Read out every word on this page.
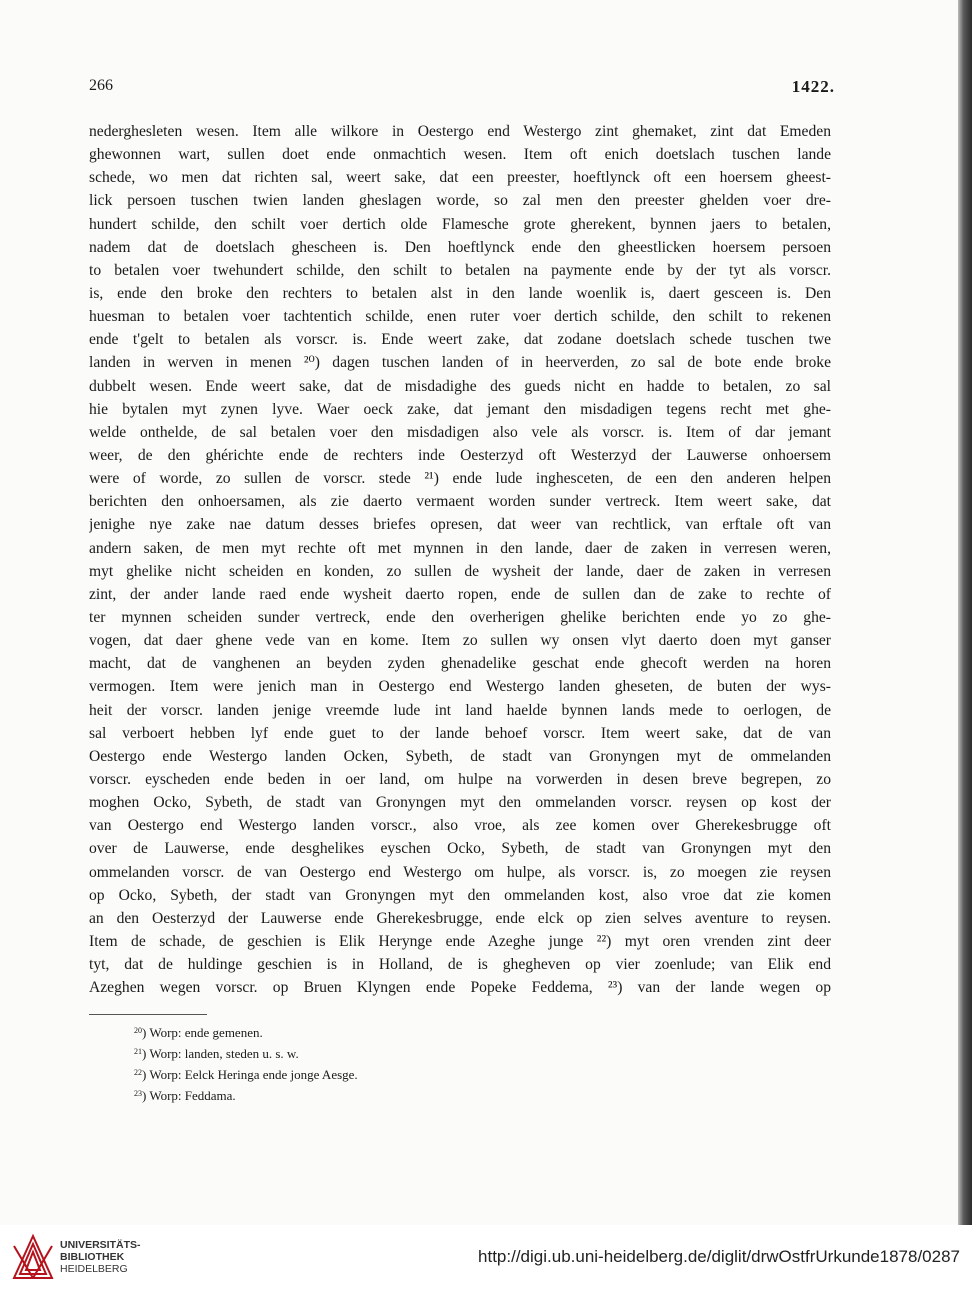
266	1422.
nederghesleten wesen. Item alle wilkore in Oestergo end Westergo zint ghemaket, zint dat Emeden
ghewonnen wart, sullen doet ende onmachtich wesen. Item oft enich doetslach tuschen lande
schede, wo men dat richten sal, weert sake, dat een preester, hoeftlynck oft een hoersem gheest-
lick persoen tuschen twien landen gheslagen worde, so zal men den preester ghelden voer dre-
hundert schilde, den schilt voer dertich olde Flamesche grote gherekent, bynnen jaers to betalen,
nadem dat de doetslach ghescheen is. Den hoeftlynck ende den gheestlicken hoersem persoen
to betalen voer twehundert schilde, den schilt to betalen na paymente ende by der tyt als vorscr.
is, ende den broke den rechters to betalen alst in den lande woenlik is, daert gesceen is. Den
huesman to betalen voer tachtentich schilde, enen ruter voer dertich schilde, den schilt to rekenen
ende t'gelt to betalen als vorscr. is. Ende weert zake, dat zodane doetslach schede tuschen twe
landen in werven in menen ²⁰) dagen tuschen landen of in heerverden, zo sal de bote ende broke
dubbelt wesen. Ende weert sake, dat de misdadighe des gueds nicht en hadde to betalen, zo sal
hie bytalen myt zynen lyve. Waer oeck zake, dat jemant den misdadigen tegens recht met ghe-
welde onthelde, de sal betalen voer den misdadigen also vele als vorscr. is. Item of dar jemant
weer, de den ghérichte ende de rechters inde Oesterzyd oft Westerzyd der Lauwerse onhoersem
were of worde, zo sullen de vorscr. stede ²¹) ende lude inghesceten, de een den anderen helpen
berichten den onhoersamen, als zie daerto vermaent worden sunder vertreck. Item weert sake, dat
jenighe nye zake nae datum desses briefes opresen, dat weer van rechtlick, van erftale oft van
andern saken, de men myt rechte oft met mynnen in den lande, daer de zaken in verresen weren,
myt ghelike nicht scheiden en konden, zo sullen de wysheit der lande, daer de zaken in verresen
zint, der ander lande raed ende wysheit daerto ropen, ende de sullen dan de zake to rechte of
ter mynnen scheiden sunder vertreck, ende den overherigen ghelike berichten ende yo zo ghe-
vogen, dat daer ghene vede van en kome. Item zo sullen wy onsen vlyt daerto doen myt ganser
macht, dat de vanghenen an beyden zyden ghenadelike geschat ende ghecoft werden na horen
vermogen. Item were jenich man in Oestergo end Westergo landen gheseten, de buten der wys-
heit der vorscr. landen jenige vreemde lude int land haelde bynnen lands mede to oerlogen, de
sal verboert hebben lyf ende guet to der lande behoef vorscr. Item weert sake, dat de van
Oestergo ende Westergo landen Ocken, Sybeth, de stadt van Gronyngen myt de ommelanden
vorscr. eyscheden ende beden in oer land, om hulpe na vorwerden in desen breve begrepen, zo
moghen Ocko, Sybeth, de stadt van Gronyngen myt den ommelanden vorscr. reysen op kost der
van Oestergo end Westergo landen vorscr., also vroe, als zee komen over Gherekesbrugge oft
over de Lauwerse, ende desghelikes eyschen Ocko, Sybeth, de stadt van Gronyngen myt den
ommelanden vorscr. de van Oestergo end Westergo om hulpe, als vorscr. is, zo moegen zie reysen
op Ocko, Sybeth, der stadt van Gronyngen myt den ommelanden kost, also vroe dat zie komen
an den Oesterzyd der Lauwerse ende Gherekesbrugge, ende elck op zien selves aventure to reysen.
Item de schade, de geschien is Elik Herynge ende Azeghe junge ²²) myt oren vrenden zint deer
tyt, dat de huldinge geschien is in Holland, de is ghegheven op vier zoenlude; van Elik end
Azeghen wegen vorscr. op Bruen Klyngen ende Popeke Feddema, ²³) van der lande wegen op
$^{20}$) Worp: ende gemenen.
$^{21}$) Worp: landen, steden u. s. w.
$^{22}$) Worp: Eelck Heringa ende jonge Aesge.
$^{23}$) Worp: Feddama.
UNIVERSITÄTS-
BIBLIOTHEK
HEIDELBERG
http://digi.ub.uni-heidelberg.de/diglit/drwOstfrUrkunde1878/0287
